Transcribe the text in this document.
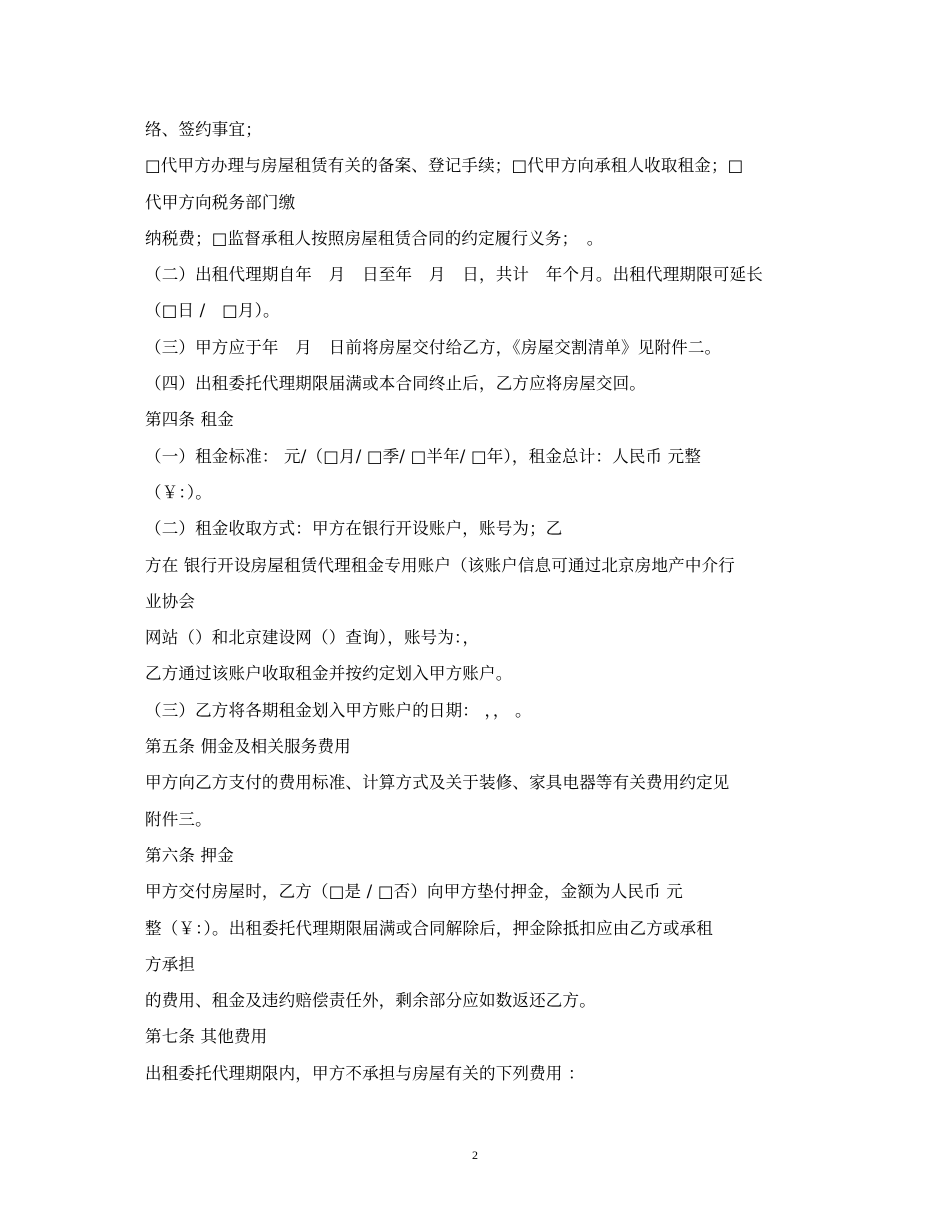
络、签约事宜；
□代甲方办理与房屋租赁有关的备案、登记手续；□代甲方向承租人收取租金；□
代甲方向税务部门缴
纳税费；□监督承租人按照房屋租赁合同的约定履行义务；　。
（二）出租代理期自年　月　日至年　月　日，共计　年个月。出租代理期限可延长
（□日 /　□月）。
（三）甲方应于年　月　日前将房屋交付给乙方，《房屋交割清单》见附件二。
（四）出租委托代理期限届满或本合同终止后，乙方应将房屋交回。
第四条 租金
（一）租金标准： 元/（□月/ □季/ □半年/ □年），租金总计：人民币 元整
（￥：）。
（二）租金收取方式：甲方在银行开设账户，账号为；乙
方在 银行开设房屋租赁代理租金专用账户（该账户信息可通过北京房地产中介行
业协会
网站（）和北京建设网（）查询），账号为：，
乙方通过该账户收取租金并按约定划入甲方账户。
（三）乙方将各期租金划入甲方账户的日期： ，， 。
第五条 佣金及相关服务费用
甲方向乙方支付的费用标准、计算方式及关于装修、家具电器等有关费用约定见
附件三。
第六条 押金
甲方交付房屋时，乙方（□是 / □否）向甲方垫付押金，金额为人民币 元
整（￥：）。出租委托代理期限届满或合同解除后，押金除抵扣应由乙方或承租
方承担
的费用、租金及违约赔偿责任外，剩余部分应如数返还乙方。
第七条 其他费用
出租委托代理期限内，甲方不承担与房屋有关的下列费用 ：
2
